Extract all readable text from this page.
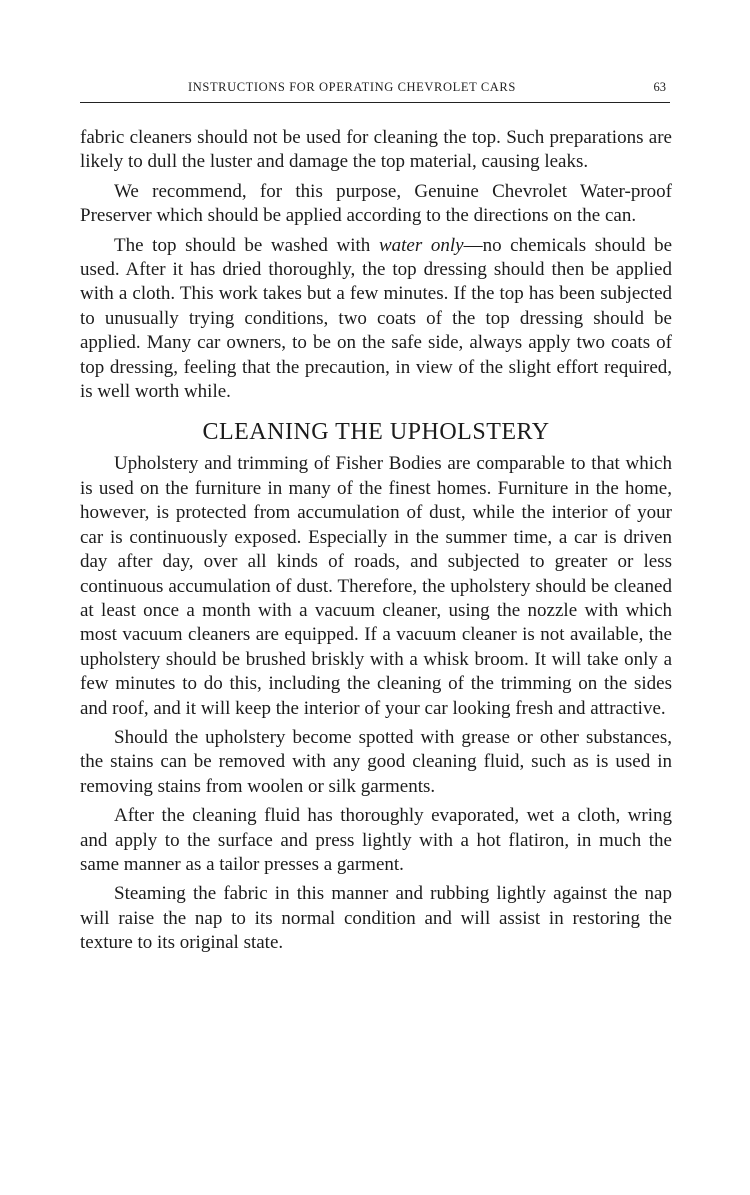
INSTRUCTIONS FOR OPERATING CHEVROLET CARS	63

fabric cleaners should not be used for cleaning the top. Such preparations are likely to dull the luster and damage the top material, causing leaks.

We recommend, for this purpose, Genuine Chevrolet Water-proof Preserver which should be applied according to the directions on the can.

The top should be washed with water only—no chemicals should be used. After it has dried thoroughly, the top dressing should then be applied with a cloth. This work takes but a few minutes. If the top has been subjected to unusually trying conditions, two coats of the top dressing should be applied. Many car owners, to be on the safe side, always apply two coats of top dressing, feeling that the precaution, in view of the slight effort required, is well worth while.

CLEANING THE UPHOLSTERY

Upholstery and trimming of Fisher Bodies are comparable to that which is used on the furniture in many of the finest homes. Furniture in the home, however, is protected from accumulation of dust, while the interior of your car is continuously exposed. Especially in the summer time, a car is driven day after day, over all kinds of roads, and subjected to greater or less continuous accumulation of dust. Therefore, the upholstery should be cleaned at least once a month with a vacuum cleaner, using the nozzle with which most vacuum cleaners are equipped. If a vacuum cleaner is not available, the upholstery should be brushed briskly with a whisk broom. It will take only a few minutes to do this, including the cleaning of the trimming on the sides and roof, and it will keep the interior of your car looking fresh and attractive.

Should the upholstery become spotted with grease or other substances, the stains can be removed with any good cleaning fluid, such as is used in removing stains from woolen or silk garments.

After the cleaning fluid has thoroughly evaporated, wet a cloth, wring and apply to the surface and press lightly with a hot flatiron, in much the same manner as a tailor presses a garment.

Steaming the fabric in this manner and rubbing lightly against the nap will raise the nap to its normal condition and will assist in restoring the texture to its original state.
